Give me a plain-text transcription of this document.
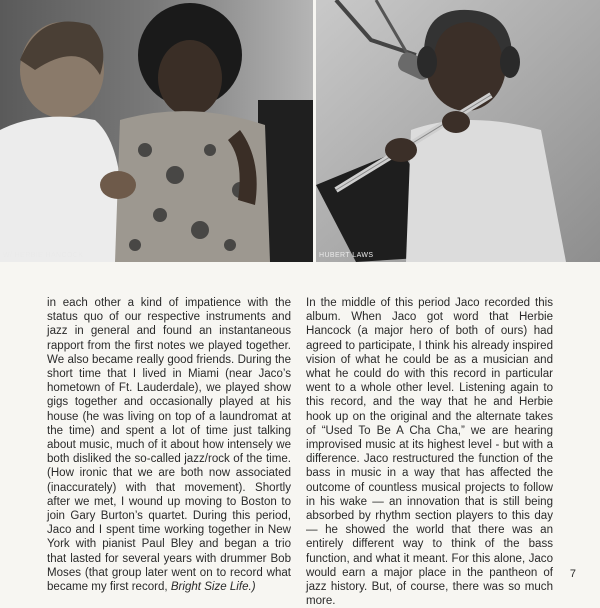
W/ HERBIE HANCOCK	HUBERT LAWS
in each other a kind of impatience with the status quo of our respective instruments and jazz in general and found an instantaneous rapport from the first notes we played together. We also became really good friends. During the short time that I lived in Miami (near Jaco’s hometown of Ft. Lauderdale), we played show gigs together and occasionally played at his house (he was living on top of a laundromat at the time) and spent a lot of time just talking about music, much of it about how intensely we both disliked the so-called jazz/rock of the time. (How ironic that we are both now associated (inaccurately) with that movement). Shortly after we met, I wound up moving to Boston to join Gary Burton’s quartet. During this period, Jaco and I spent time working together in New York with pianist Paul Bley and began a trio that lasted for several years with drummer Bob Moses (that group later went on to record what became my first record, Bright Size Life.)
In the middle of this period Jaco recorded this album. When Jaco got word that Herbie Hancock (a major hero of both of ours) had agreed to participate, I think his already inspired vision of what he could be as a musician and what he could do with this record in particular went to a whole other level. Listening again to this record, and the way that he and Herbie hook up on the original and the alternate takes of “Used To Be A Cha Cha,” we are hearing improvised music at its highest level - but with a difference. Jaco restructured the function of the bass in music in a way that has affected the outcome of countless musical projects to follow in his wake — an innovation that is still being absorbed by rhythm section players to this day — he showed the world that there was an entirely different way to think of the bass function, and what it meant. For this alone, Jaco would earn a major place in the pantheon of jazz history. But, of course, there was so much more.
7
